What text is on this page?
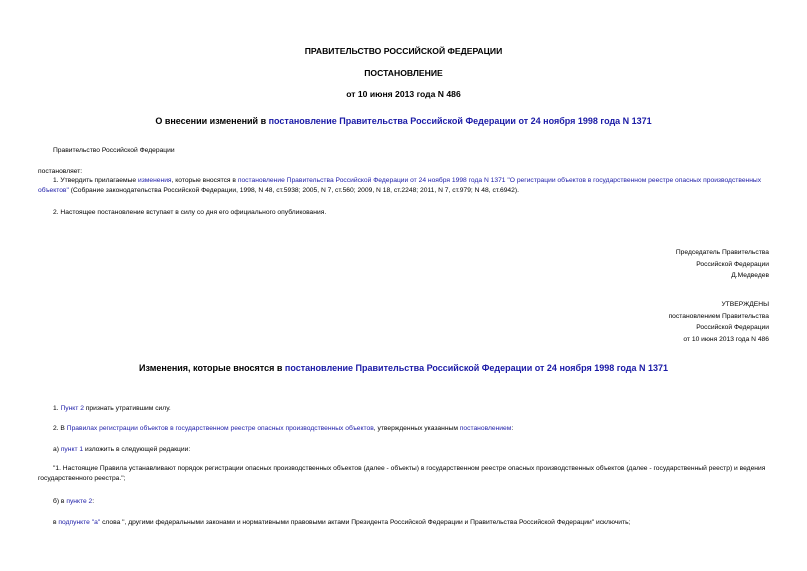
ПРАВИТЕЛЬСТВО РОССИЙСКОЙ ФЕДЕРАЦИИ
ПОСТАНОВЛЕНИЕ
от 10 июня 2013 года N 486
О внесении изменений в постановление Правительства Российской Федерации от 24 ноября 1998 года N 1371
Правительство Российской Федерации
постановляет:
1. Утвердить прилагаемые изменения, которые вносятся в постановление Правительства Российской Федерации от 24 ноября 1998 года N 1371 "О регистрации объектов в государственном реестре опасных производственных объектов" (Собрание законодательства Российской Федерации, 1998, N 48, ст.5938; 2005, N 7, ст.560; 2009, N 18, ст.2248; 2011, N 7, ст.979; N 48, ст.6942).
2. Настоящее постановление вступает в силу со дня его официального опубликования.
Председатель Правительства
Российской Федерации
Д.Медведев
УТВЕРЖДЕНЫ
постановлением Правительства
Российской Федерации
от 10 июня 2013 года N 486
Изменения, которые вносятся в постановление Правительства Российской Федерации от 24 ноября 1998 года N 1371
1. Пункт 2 признать утратившим силу.
2. В Правилах регистрации объектов в государственном реестре опасных производственных объектов, утвержденных указанным постановлением:
а) пункт 1 изложить в следующей редакции:
"1. Настоящие Правила устанавливают порядок регистрации опасных производственных объектов (далее - объекты) в государственном реестре опасных производственных объектов (далее - государственный реестр) и ведения государственного реестра.";
б) в пункте 2:
в подпункте "а" слова ", другими федеральными законами и нормативными правовыми актами Президента Российской Федерации и Правительства Российской Федерации" исключить;
